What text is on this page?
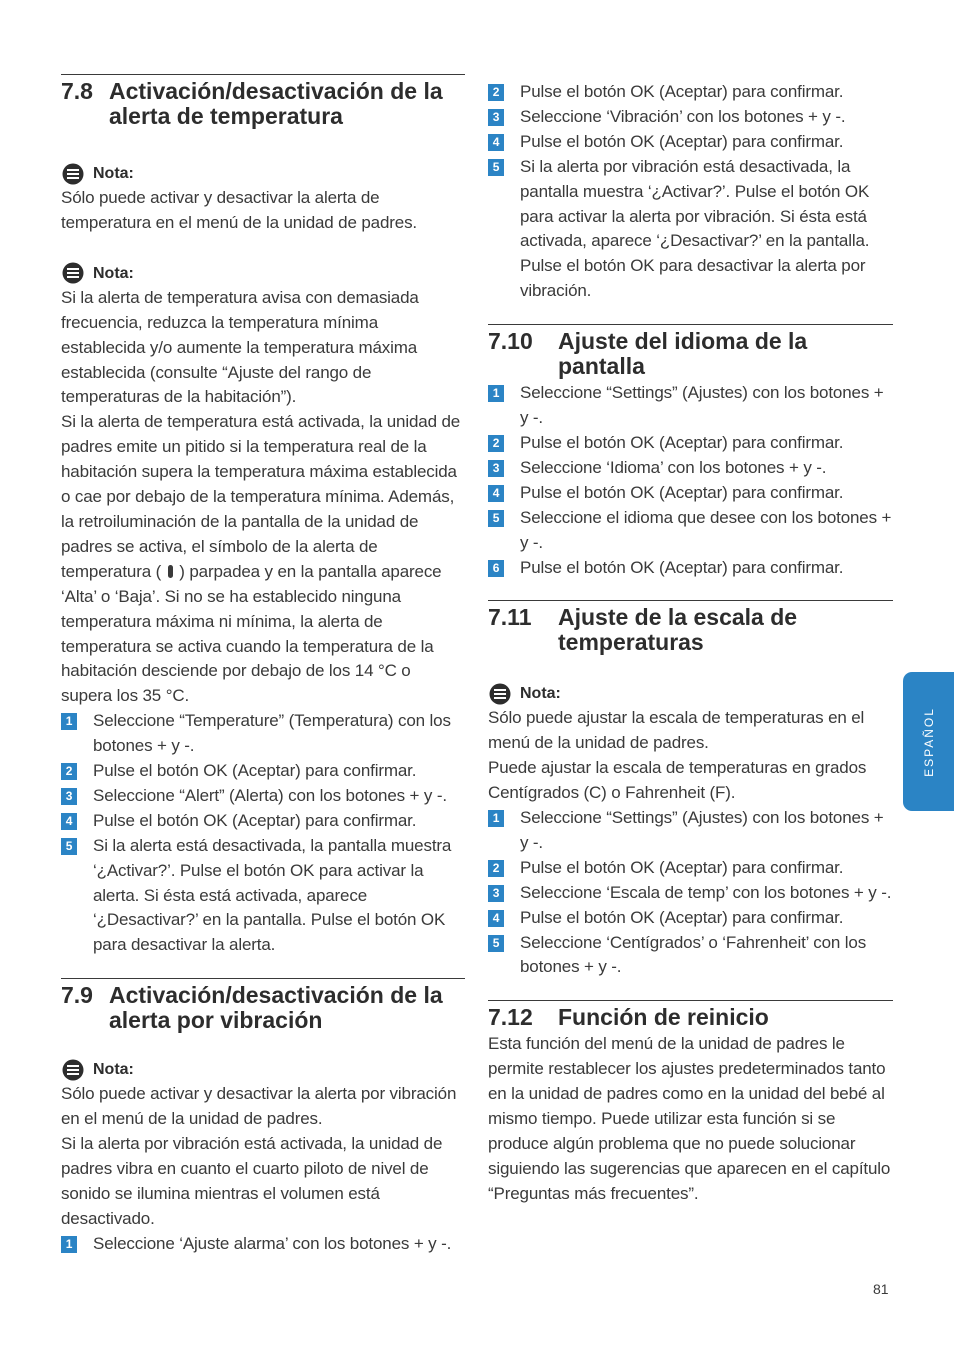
7.8 Activación/desactivación de la alerta de temperatura
Nota:

Sólo puede activar y desactivar la alerta de temperatura en el menú de la unidad de padres.

Nota:

Si la alerta de temperatura avisa con demasiada frecuencia, reduzca la temperatura mínima establecida y/o aumente la temperatura máxima establecida (consulte “Ajuste del rango de temperaturas de la habitación”).

Si la alerta de temperatura está activada, la unidad de padres emite un pitido si la temperatura real de la habitación supera la temperatura máxima establecida o cae por debajo de la temperatura mínima. Además, la retroiluminación de la pantalla de la unidad de padres se activa, el símbolo de la alerta de temperatura ( ) parpadea y en la pantalla aparece ‘Alta’ o ‘Baja’. Si no se ha establecido ninguna temperatura máxima ni mínima, la alerta de temperatura se activa cuando la temperatura de la habitación desciende por debajo de los 14 °C o supera los 35 °C.

1 Seleccione “Temperature” (Temperatura) con los botones + y -.
2 Pulse el botón OK (Aceptar) para confirmar.
3 Seleccione “Alert” (Alerta) con los botones + y -.
4 Pulse el botón OK (Aceptar) para confirmar.
5 Si la alerta está desactivada, la pantalla muestra ‘¿Activar?’. Pulse el botón OK para activar la alerta. Si ésta está activada, aparece ‘¿Desactivar?’ en la pantalla. Pulse el botón OK para desactivar la alerta.
7.9 Activación/desactivación de la alerta por vibración
Nota:

Sólo puede activar y desactivar la alerta por vibración en el menú de la unidad de padres.

Si la alerta por vibración está activada, la unidad de padres vibra en cuanto el cuarto piloto de nivel de sonido se ilumina mientras el volumen está desactivado.

1 Seleccione ‘Ajuste alarma’ con los botones + y -.
2 Pulse el botón OK (Aceptar) para confirmar.
3 Seleccione ‘Vibración’ con los botones + y -.
4 Pulse el botón OK (Aceptar) para confirmar.
5 Si la alerta por vibración está desactivada, la pantalla muestra ‘¿Activar?’. Pulse el botón OK para activar la alerta por vibración. Si ésta está activada, aparece ‘¿Desactivar?’ en la pantalla. Pulse el botón OK para desactivar la alerta por vibración.
7.10	Ajuste del idioma de la pantalla
1 Seleccione “Settings” (Ajustes) con los botones + y -.
2 Pulse el botón OK (Aceptar) para confirmar.
3 Seleccione ‘Idioma’ con los botones + y -.
4 Pulse el botón OK (Aceptar) para confirmar.
5 Seleccione el idioma que desee con los botones + y -.
6 Pulse el botón OK (Aceptar) para confirmar.
7.11	Ajuste de la escala de temperaturas
Nota:

Sólo puede ajustar la escala de temperaturas en el menú de la unidad de padres.

Puede ajustar la escala de temperaturas en grados Centígrados (C) o Fahrenheit (F).

1 Seleccione “Settings” (Ajustes) con los botones + y -.
2 Pulse el botón OK (Aceptar) para confirmar.
3 Seleccione ‘Escala de temp’ con los botones + y -.
4 Pulse el botón OK (Aceptar) para confirmar.
5 Seleccione ‘Centígrados’ o ‘Fahrenheit’ con los botones + y -.
7.12	Función de reinicio

Esta función del menú de la unidad de padres le permite restablecer los ajustes predeterminados tanto en la unidad de padres como en la unidad del bebé al mismo tiempo. Puede utilizar esta función si se produce algún problema que no puede solucionar siguiendo las sugerencias que aparecen en el capítulo “Preguntas más frecuentes”.

ESPAÑOL
81
